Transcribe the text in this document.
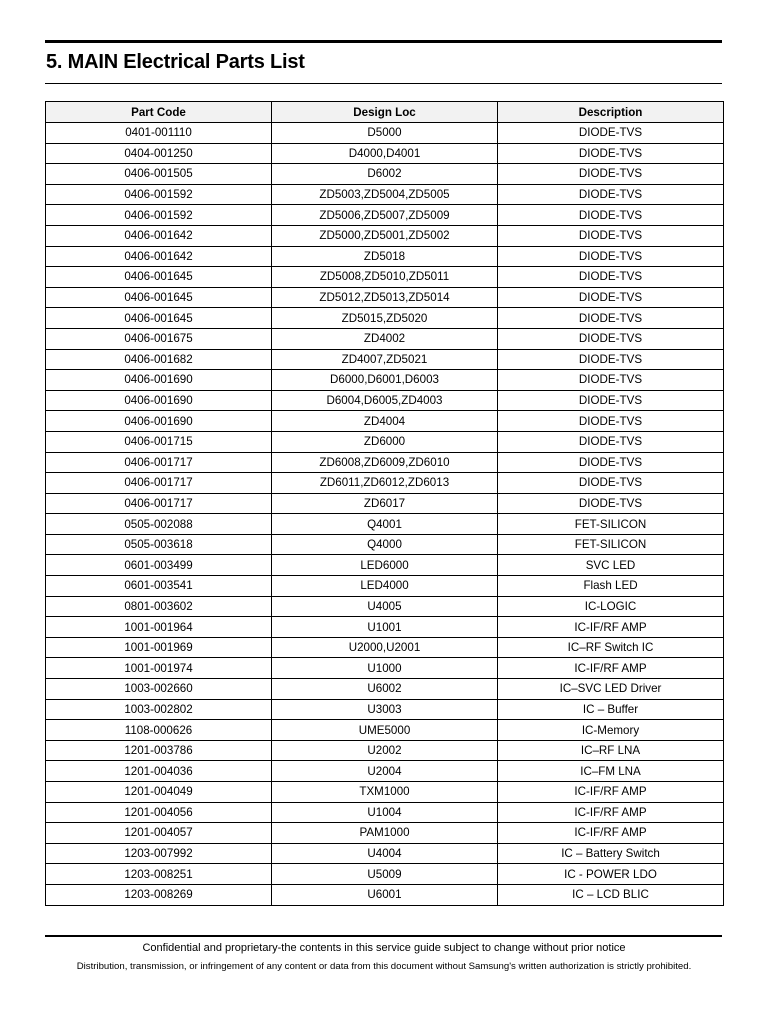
5. MAIN Electrical Parts List
Part Code	Design Loc	Description
0401-001110	D5000	DIODE-TVS
0404-001250	D4000,D4001	DIODE-TVS
0406-001505	D6002	DIODE-TVS
0406-001592	ZD5003,ZD5004,ZD5005	DIODE-TVS
0406-001592	ZD5006,ZD5007,ZD5009	DIODE-TVS
0406-001642	ZD5000,ZD5001,ZD5002	DIODE-TVS
0406-001642	ZD5018	DIODE-TVS
0406-001645	ZD5008,ZD5010,ZD5011	DIODE-TVS
0406-001645	ZD5012,ZD5013,ZD5014	DIODE-TVS
0406-001645	ZD5015,ZD5020	DIODE-TVS
0406-001675	ZD4002	DIODE-TVS
0406-001682	ZD4007,ZD5021	DIODE-TVS
0406-001690	D6000,D6001,D6003	DIODE-TVS
0406-001690	D6004,D6005,ZD4003	DIODE-TVS
0406-001690	ZD4004	DIODE-TVS
0406-001715	ZD6000	DIODE-TVS
0406-001717	ZD6008,ZD6009,ZD6010	DIODE-TVS
0406-001717	ZD6011,ZD6012,ZD6013	DIODE-TVS
0406-001717	ZD6017	DIODE-TVS
0505-002088	Q4001	FET-SILICON
0505-003618	Q4000	FET-SILICON
0601-003499	LED6000	SVC LED
0601-003541	LED4000	Flash LED
0801-003602	U4005	IC-LOGIC
1001-001964	U1001	IC-IF/RF AMP
1001-001969	U2000,U2001	IC–RF Switch IC
1001-001974	U1000	IC-IF/RF AMP
1003-002660	U6002	IC–SVC LED Driver
1003-002802	U3003	IC – Buffer
1108-000626	UME5000	IC-Memory
1201-003786	U2002	IC–RF LNA
1201-004036	U2004	IC–FM LNA
1201-004049	TXM1000	IC-IF/RF AMP
1201-004056	U1004	IC-IF/RF AMP
1201-004057	PAM1000	IC-IF/RF AMP
1203-007992	U4004	IC – Battery Switch
1203-008251	U5009	IC - POWER LDO
1203-008269	U6001	IC – LCD BLIC

Confidential and proprietary-the contents in this service guide subject to change without prior notice

Distribution, transmission, or infringement of any content or data from this document without Samsung's written authorization is strictly prohibited.
